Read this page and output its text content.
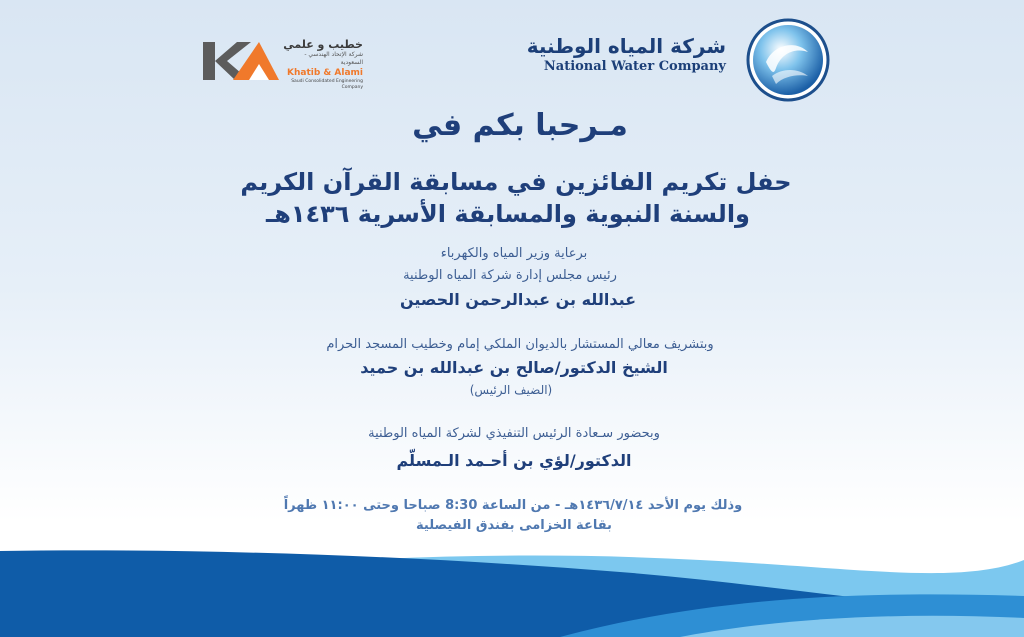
شركة المياه الوطنية
National Water Company
خطيب و علمي
شركة الإتحاد الهندسي - السعودية
Khatib & Alami
Saudi Consolidated Engineering Company
مـرحبا بكم في
حفل تكريم الفائزين في مسابقة القرآن الكريم
والسنة النبوية والمسابقة الأسرية ١٤٣٦هـ
برعاية وزير المياه والكهرباء
رئيس مجلس إدارة شركة المياه الوطنية
عبدالله بن عبدالرحمن الحصين
وبتشريف معالي المستشار بالديوان الملكي إمام وخطيب المسجد الحرام
الشيخ الدكتور/صالح بن عبدالله بن حميد
(الضيف الرئيس)
وبحضور سـعادة الرئيس التنفيذي لشركة المياه الوطنية
الدكتور/لؤي بن أحـمد الـمسلّم
وذلك يوم الأحد ١٤٣٦/٧/١٤هـ - من الساعة 8:30 صباحا وحتى ١١:٠٠ ظهراً
بقاعة الخزامى بفندق الفيصلية
